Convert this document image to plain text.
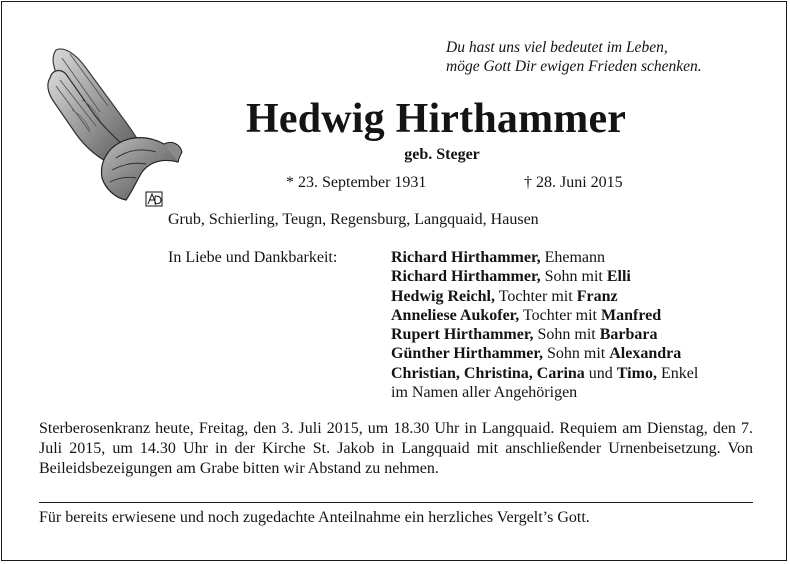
Du hast uns viel bedeutet im Leben,
möge Gott Dir ewigen Frieden schenken.
Hedwig Hirthammer
geb. Steger
* 23. September 1931	† 28. Juni 2015
Grub, Schierling, Teugn, Regensburg, Langquaid, Hausen
In Liebe und Dankbarkeit:	Richard Hirthammer, Ehemann
Richard Hirthammer, Sohn mit Elli
Hedwig Reichl, Tochter mit Franz
Anneliese Aukofer, Tochter mit Manfred
Rupert Hirthammer, Sohn mit Barbara
Günther Hirthammer, Sohn mit Alexandra
Christian, Christina, Carina und Timo, Enkel
im Namen aller Angehörigen
Sterberosenkranz heute, Freitag, den 3. Juli 2015, um 18.30 Uhr in Langquaid. Requiem am Dienstag, den 7. Juli 2015, um 14.30 Uhr in der Kirche St. Jakob in Langquaid mit anschließender Urnenbeisetzung. Von Beileidsbezeigungen am Grabe bitten wir Abstand zu nehmen.
Für bereits erwiesene und noch zugedachte Anteilnahme ein herzliches Vergelt’s Gott.
